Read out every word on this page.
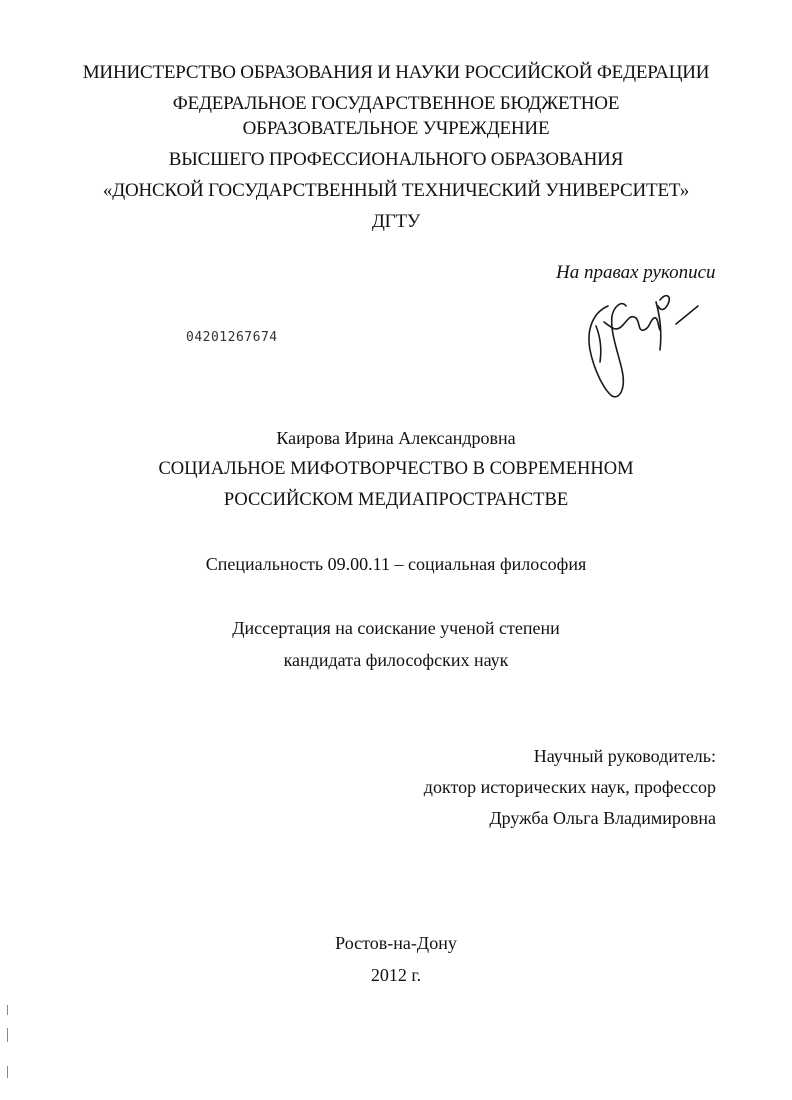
МИНИСТЕРСТВО ОБРАЗОВАНИЯ И НАУКИ РОССИЙСКОЙ ФЕДЕРАЦИИ
ФЕДЕРАЛЬНОЕ ГОСУДАРСТВЕННОЕ БЮДЖЕТНОЕ
ОБРАЗОВАТЕЛЬНОЕ УЧРЕЖДЕНИЕ
ВЫСШЕГО ПРОФЕССИОНАЛЬНОГО ОБРАЗОВАНИЯ
«ДОНСКОЙ ГОСУДАРСТВЕННЫЙ ТЕХНИЧЕСКИЙ УНИВЕРСИТЕТ»
ДГТУ
На правах рукописи
04201267674
Каирова Ирина Александровна
СОЦИАЛЬНОЕ МИФОТВОРЧЕСТВО В СОВРЕМЕННОМ
РОССИЙСКОМ МЕДИАПРОСТРАНСТВЕ
Специальность 09.00.11 – социальная философия
Диссертация на соискание ученой степени
кандидата философских наук
Научный руководитель:
доктор исторических наук, профессор
Дружба Ольга Владимировна
Ростов-на-Дону
2012 г.
